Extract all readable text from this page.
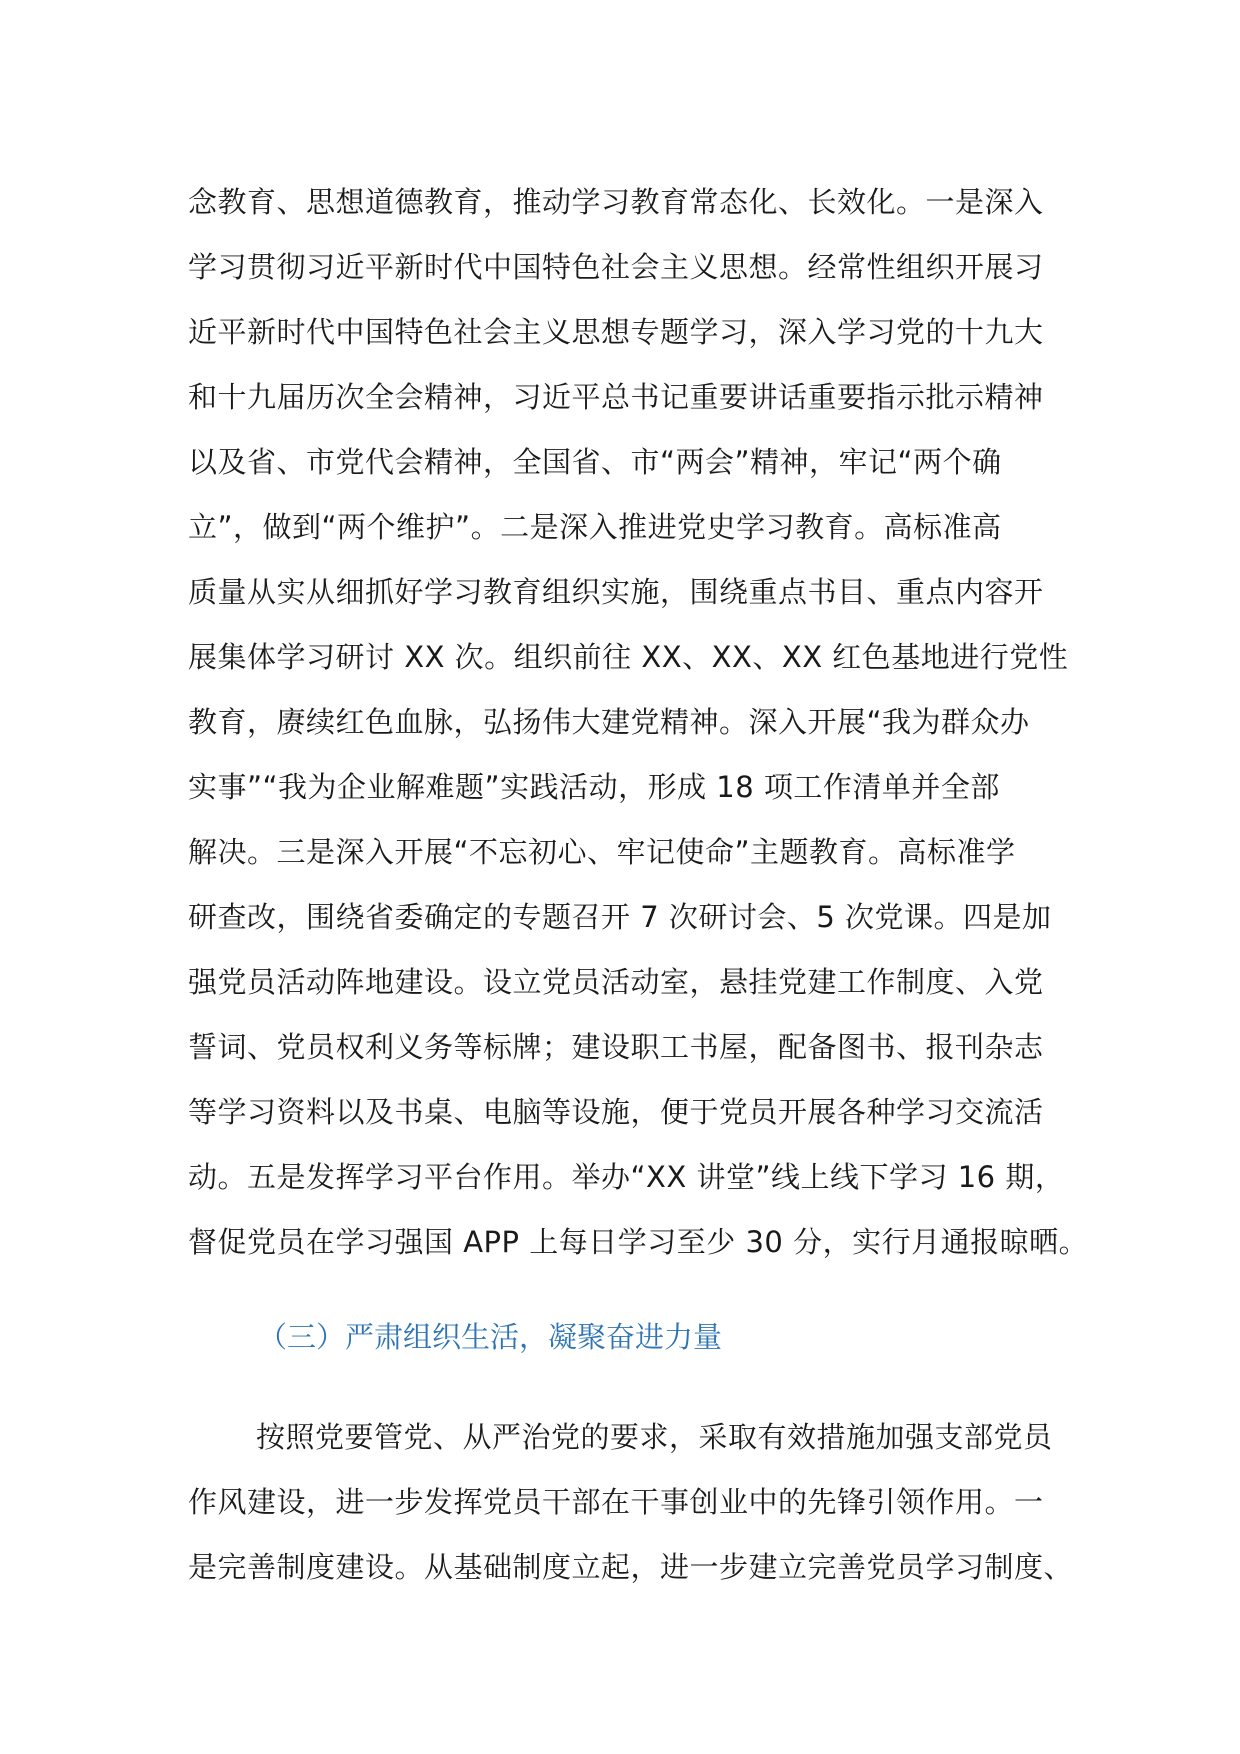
念教育、思想道德教育，推动学习教育常态化、长效化。一是深入
学习贯彻习近平新时代中国特色社会主义思想。经常性组织开展习
近平新时代中国特色社会主义思想专题学习，深入学习党的十九大
和十九届历次全会精神，习近平总书记重要讲话重要指示批示精神
以及省、市党代会精神，全国省、市“两会”精神，牢记“两个确
立”，做到“两个维护”。二是深入推进党史学习教育。高标准高
质量从实从细抓好学习教育组织实施，围绕重点书目、重点内容开
展集体学习研讨 XX 次。组织前往 XX、XX、XX 红色基地进行党性
教育，赓续红色血脉，弘扬伟大建党精神。深入开展“我为群众办
实事”“我为企业解难题”实践活动，形成 18 项工作清单并全部
解决。三是深入开展“不忘初心、牢记使命”主题教育。高标准学
研查改，围绕省委确定的专题召开 7 次研讨会、5 次党课。四是加
强党员活动阵地建设。设立党员活动室，悬挂党建工作制度、入党
誓词、党员权利义务等标牌；建设职工书屋，配备图书、报刊杂志
等学习资料以及书桌、电脑等设施，便于党员开展各种学习交流活
动。五是发挥学习平台作用。举办“XX 讲堂”线上线下学习 16 期，
督促党员在学习强国 APP 上每日学习至少 30 分，实行月通报晾晒。
（三）严肃组织生活，凝聚奋进力量
按照党要管党、从严治党的要求，采取有效措施加强支部党员
作风建设，进一步发挥党员干部在干事创业中的先锋引领作用。一
是完善制度建设。从基础制度立起，进一步建立完善党员学习制度、
